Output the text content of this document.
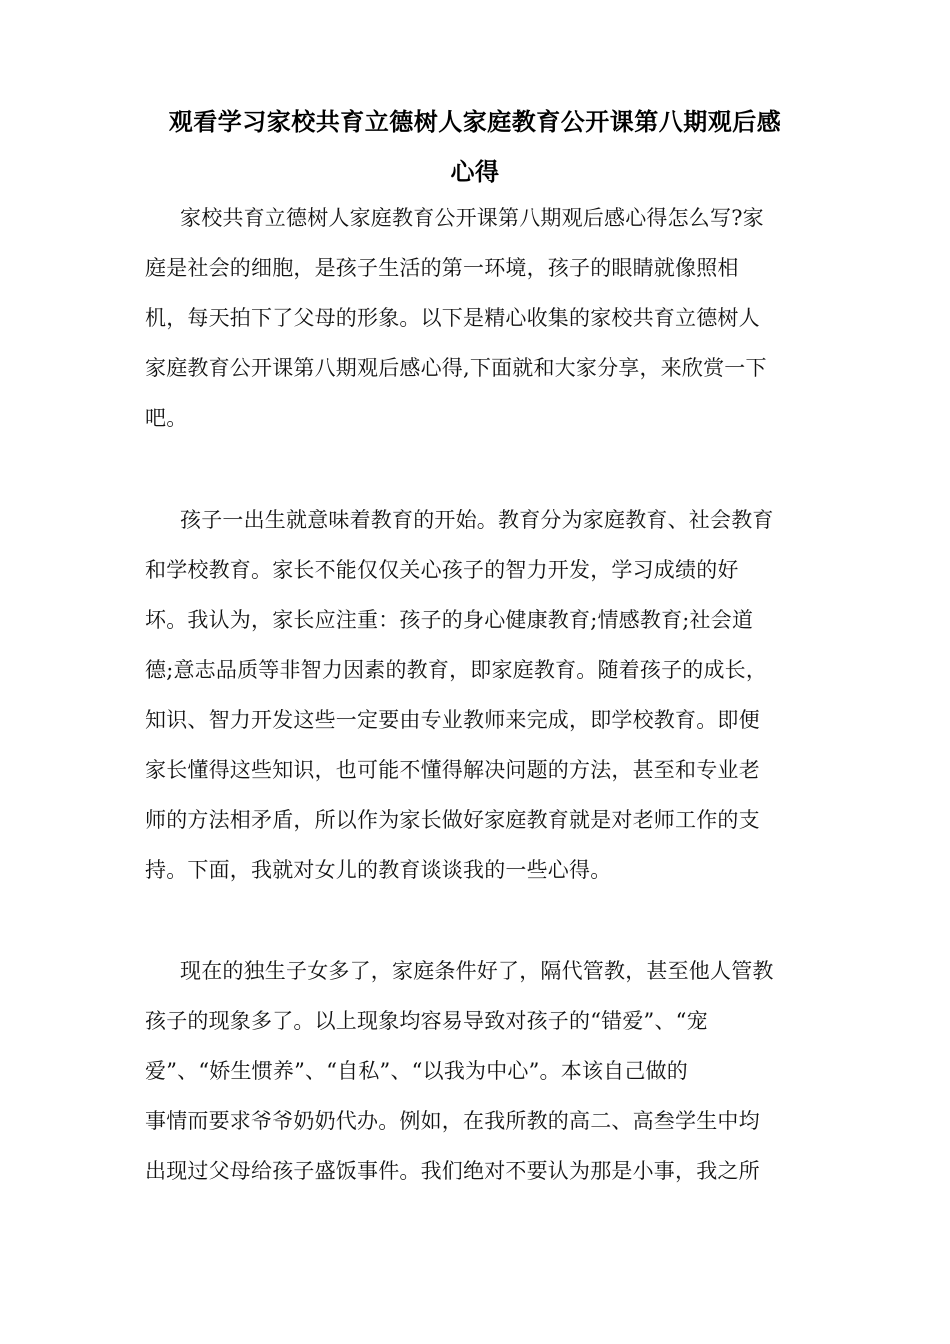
观看学习家校共育立德树人家庭教育公开课第八期观后感
心得
家校共育立德树人家庭教育公开课第八期观后感心得怎么写?家
庭是社会的细胞，是孩子生活的第一环境，孩子的眼睛就像照相
机，每天拍下了父母的形象。以下是精心收集的家校共育立德树人
家庭教育公开课第八期观后感心得,下面就和大家分享，来欣赏一下
吧。
孩子一出生就意味着教育的开始。教育分为家庭教育、社会教育
和学校教育。家长不能仅仅关心孩子的智力开发，学习成绩的好
坏。我认为，家长应注重：孩子的身心健康教育;情感教育;社会道
德;意志品质等非智力因素的教育，即家庭教育。随着孩子的成长，
知识、智力开发这些一定要由专业教师来完成，即学校教育。即便
家长懂得这些知识，也可能不懂得解决问题的方法，甚至和专业老
师的方法相矛盾，所以作为家长做好家庭教育就是对老师工作的支
持。下面，我就对女儿的教育谈谈我的一些心得。
现在的独生子女多了，家庭条件好了，隔代管教，甚至他人管教
孩子的现象多了。以上现象均容易导致对孩子的“错爱”、“宠
爱”、“娇生惯养”、“自私”、“以我为中心”。本该自己做的
事情而要求爷爷奶奶代办。例如，在我所教的高二、高叁学生中均
出现过父母给孩子盛饭事件。我们绝对不要认为那是小事，我之所
